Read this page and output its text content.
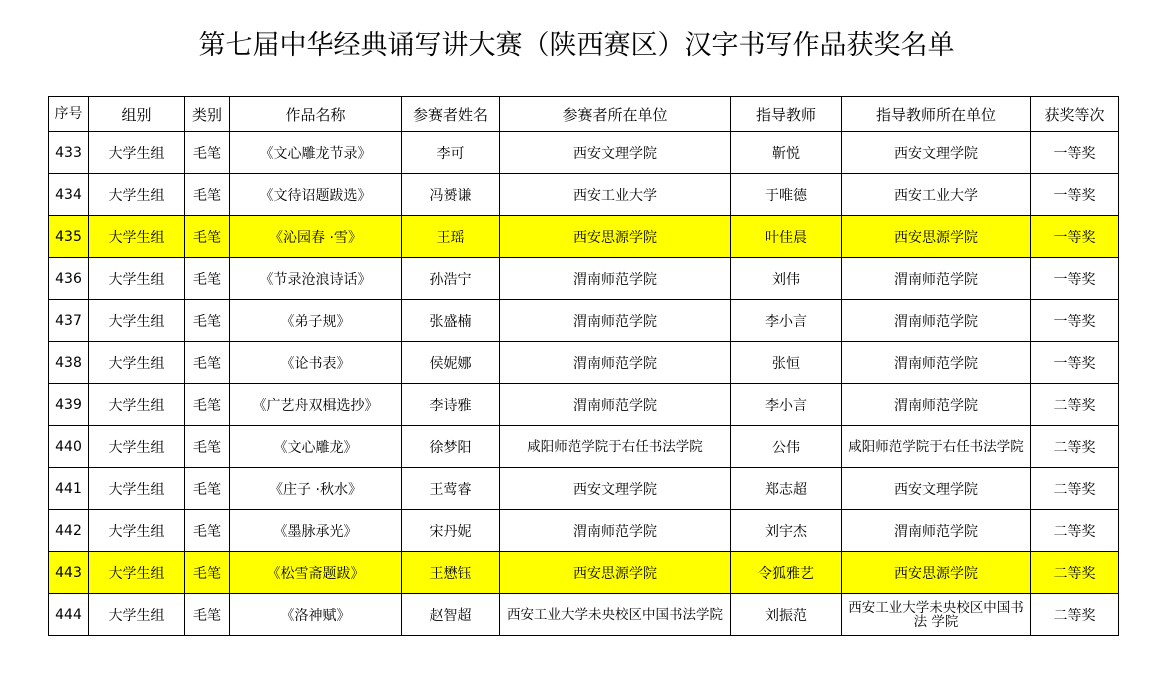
第七届中华经典诵写讲大赛（陕西赛区）汉字书写作品获奖名单
序号	组别	类别	作品名称	参赛者姓名	参赛者所在单位	指导教师	指导教师所在单位	获奖等次
433	大学生组	毛笔	《文心雕龙节录》	李可	西安文理学院	靳悦	西安文理学院	一等奖
434	大学生组	毛笔	《文待诏题跋选》	冯赟谦	西安工业大学	于唯德	西安工业大学	一等奖
435	大学生组	毛笔	《沁园春 ·雪》	王瑶	西安思源学院	叶佳晨	西安思源学院	一等奖
436	大学生组	毛笔	《节录沧浪诗话》	孙浩宁	渭南师范学院	刘伟	渭南师范学院	一等奖
437	大学生组	毛笔	《弟子规》	张盛楠	渭南师范学院	李小言	渭南师范学院	一等奖
438	大学生组	毛笔	《论书表》	侯妮娜	渭南师范学院	张恒	渭南师范学院	一等奖
439	大学生组	毛笔	《广艺舟双楫选抄》	李诗雅	渭南师范学院	李小言	渭南师范学院	二等奖
440	大学生组	毛笔	《文心雕龙》	徐梦阳	咸阳师范学院于右任书法学院	公伟	咸阳师范学院于右任书法学院	二等奖
441	大学生组	毛笔	《庄子 ·秋水》	王莺睿	西安文理学院	郑志超	西安文理学院	二等奖
442	大学生组	毛笔	《墨脉承光》	宋丹妮	渭南师范学院	刘宇杰	渭南师范学院	二等奖
443	大学生组	毛笔	《松雪斋题跋》	王懋钰	西安思源学院	令狐雅艺	西安思源学院	二等奖
444	大学生组	毛笔	《洛神赋》	赵智超	西安工业大学未央校区中国书法学院	刘振范	西安工业大学未央校区中国书法 学院	二等奖
